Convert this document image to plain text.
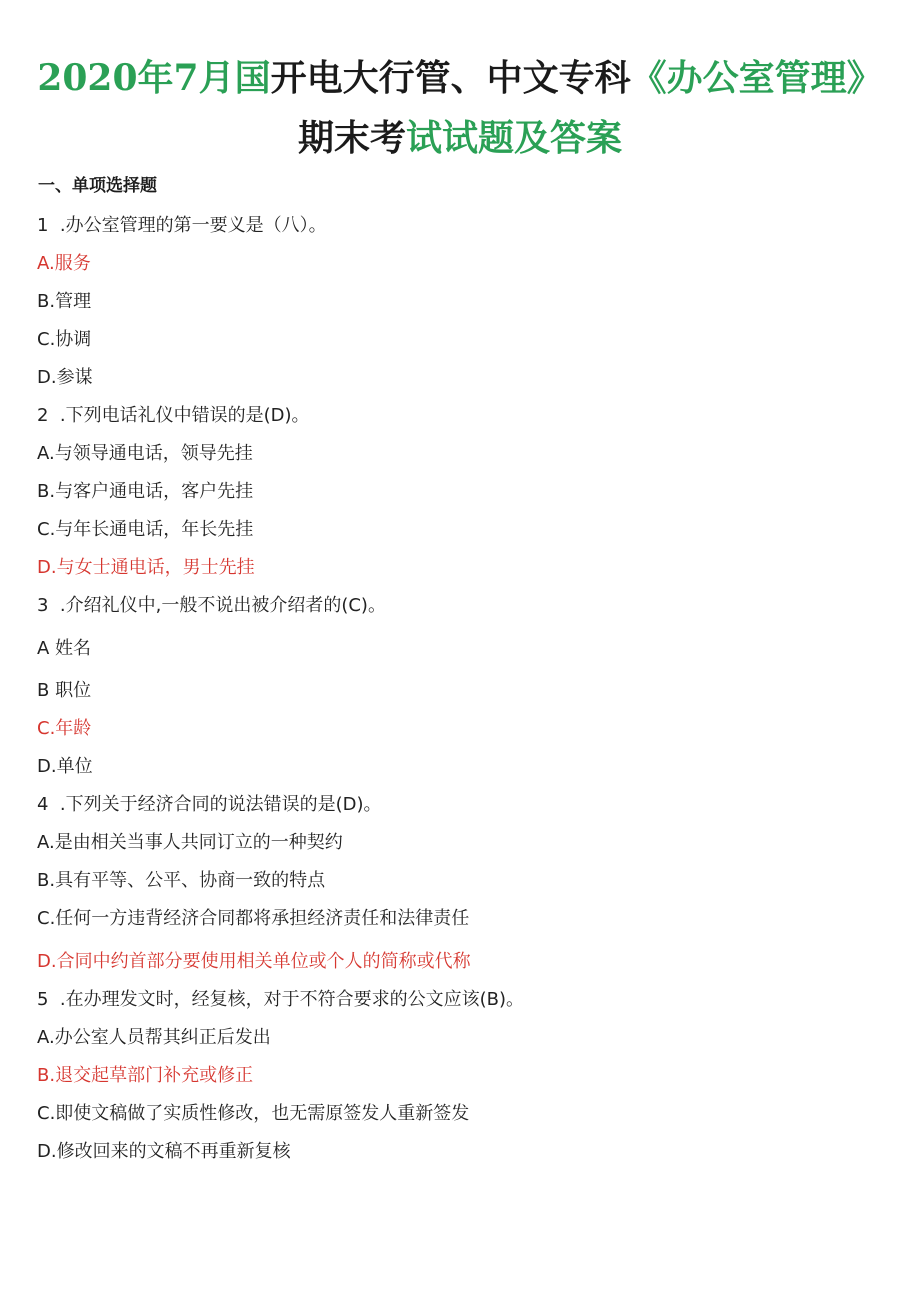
2020年7月国开电大行管、中文专科《办公室管理》
期末考试试题及答案
一、单项选择题
1  .办公室管理的第一要义是（八）。
A.服务
B.管理
C.协调
D.参谋
2  .下列电话礼仪中错误的是(D)。
A.与领导通电话，领导先挂
B.与客户通电话，客户先挂
C.与年长通电话，年长先挂
D.与女士通电话，男士先挂
3  .介绍礼仪中,一般不说出被介绍者的(C)。
A 姓名
B 职位
C.年龄
D.单位
4  .下列关于经济合同的说法错误的是(D)。
A.是由相关当事人共同订立的一种契约
B.具有平等、公平、协商一致的特点
C.任何一方违背经济合同都将承担经济责任和法律责任
D.合同中约首部分要使用相关单位或个人的简称或代称
5  .在办理发文时，经复核，对于不符合要求的公文应该(B)。
A.办公室人员帮其纠正后发出
B.退交起草部门补充或修正
C.即使文稿做了实质性修改，也无需原签发人重新签发
D.修改回来的文稿不再重新复核
